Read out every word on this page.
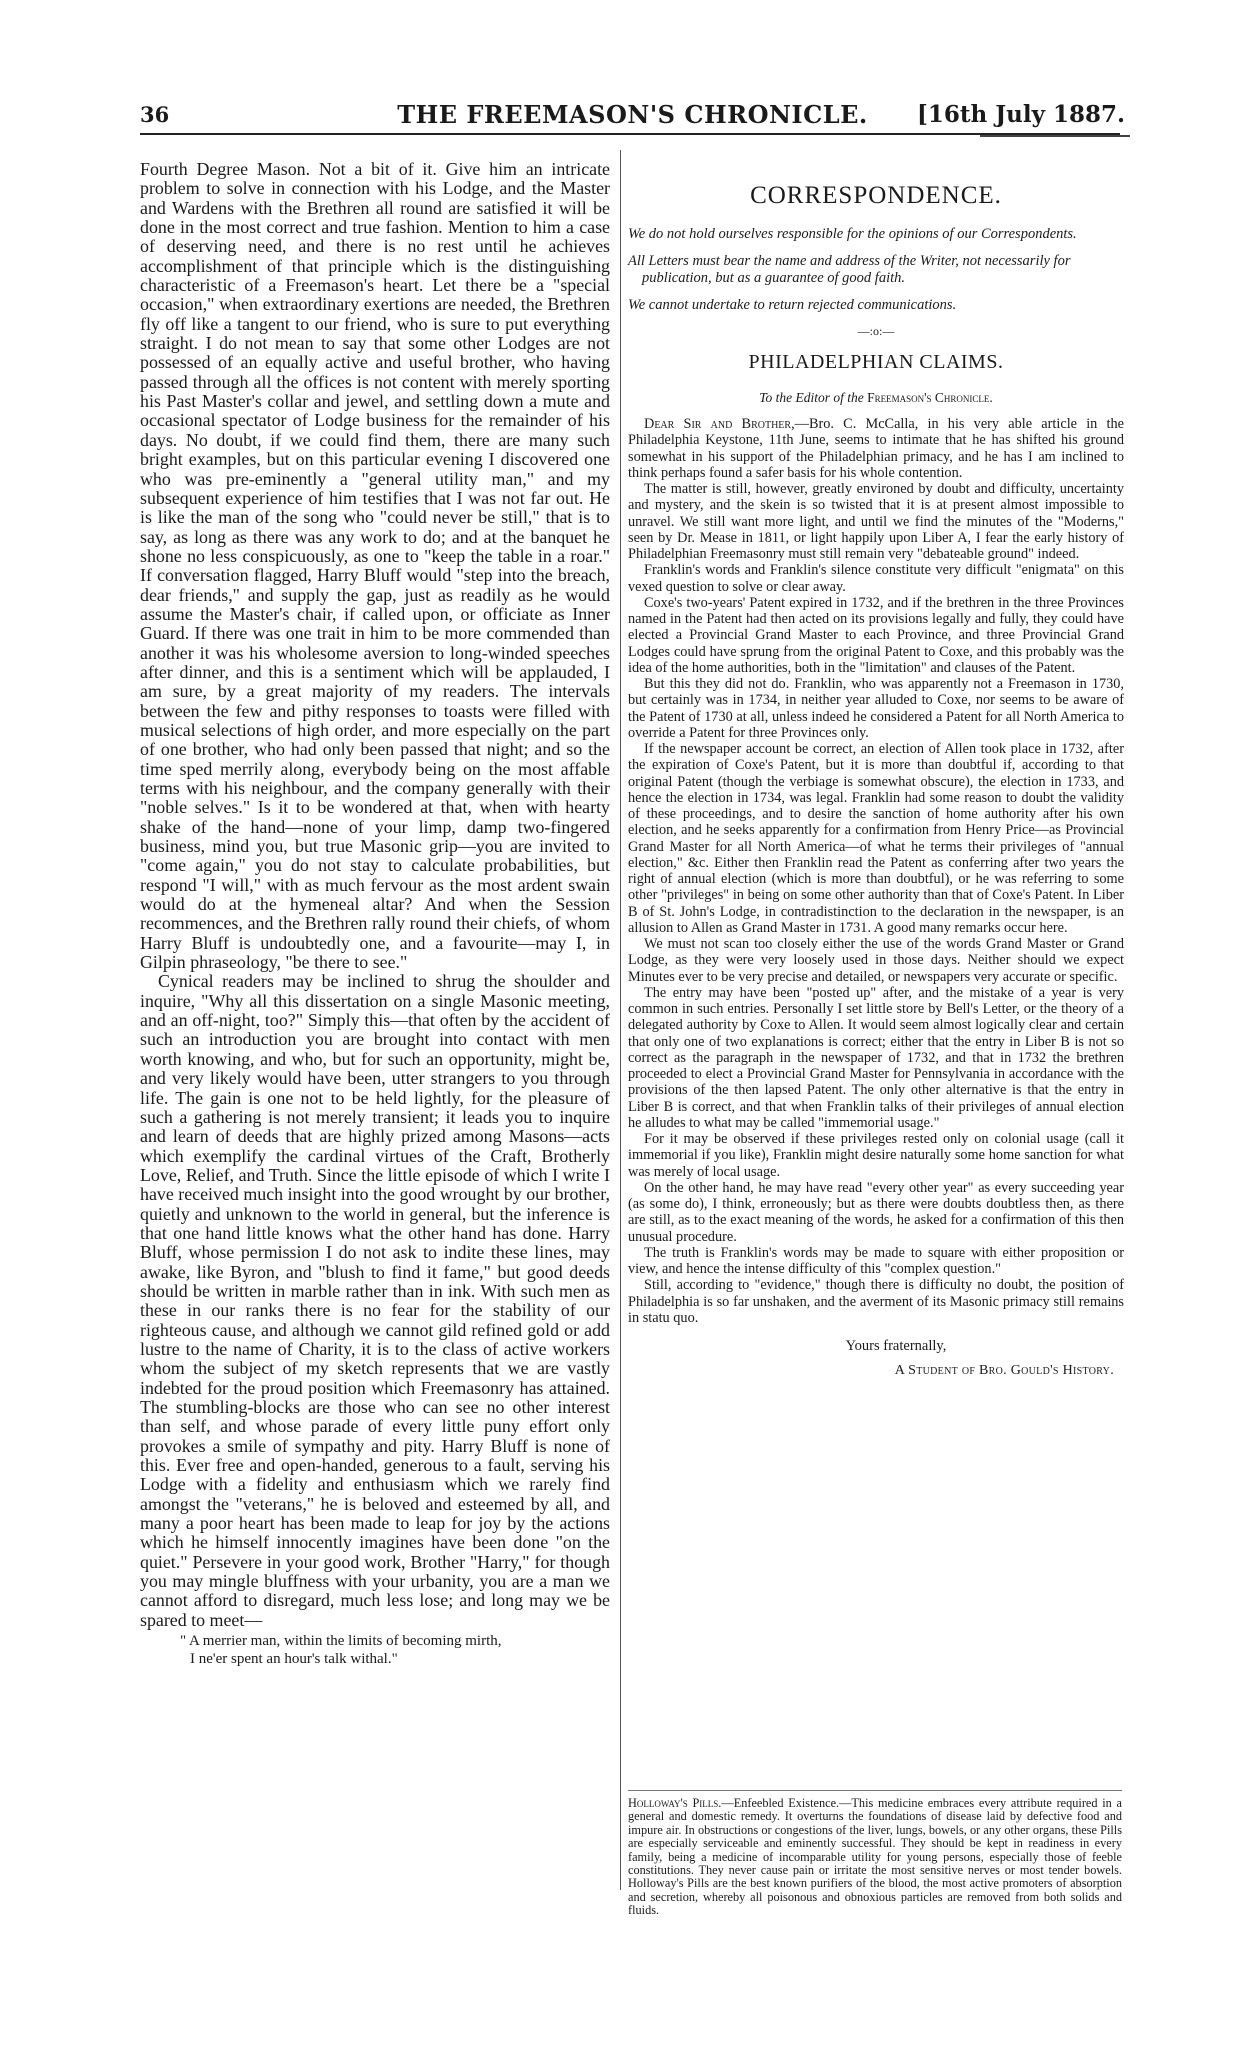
36	THE FREEMASON'S CHRONICLE.	[16th July 1887.

Fourth Degree Mason. Not a bit of it. Give him an intricate problem to solve in connection with his Lodge, and the Master and Wardens with the Brethren all round are satisfied it will be done in the most correct and true fashion. Mention to him a case of deserving need, and there is no rest until he achieves accomplishment of that principle which is the distinguishing characteristic of a Freemason's heart. Let there be a "special occasion," when extraordinary exertions are needed, the Brethren fly off like a tangent to our friend, who is sure to put everything straight. I do not mean to say that some other Lodges are not possessed of an equally active and useful brother, who having passed through all the offices is not content with merely sporting his Past Master's collar and jewel, and settling down a mute and occasional spectator of Lodge business for the remainder of his days. No doubt, if we could find them, there are many such bright examples, but on this particular evening I discovered one who was pre-eminently a "general utility man," and my subsequent experience of him testifies that I was not far out. He is like the man of the song who "could never be still," that is to say, as long as there was any work to do; and at the banquet he shone no less conspicuously, as one to "keep the table in a roar." If conversation flagged, Harry Bluff would "step into the breach, dear friends," and supply the gap, just as readily as he would assume the Master's chair, if called upon, or officiate as Inner Guard. If there was one trait in him to be more commended than another it was his wholesome aversion to long-winded speeches after dinner, and this is a sentiment which will be applauded, I am sure, by a great majority of my readers. The intervals between the few and pithy responses to toasts were filled with musical selections of high order, and more especially on the part of one brother, who had only been passed that night; and so the time sped merrily along, everybody being on the most affable terms with his neighbour, and the company generally with their "noble selves." Is it to be wondered at that, when with hearty shake of the hand—none of your limp, damp two-fingered business, mind you, but true Masonic grip—you are invited to "come again," you do not stay to calculate probabilities, but respond "I will," with as much fervour as the most ardent swain would do at the hymeneal altar? And when the Session recommences, and the Brethren rally round their chiefs, of whom Harry Bluff is undoubtedly one, and a favourite—may I, in Gilpin phraseology, "be there to see."

Cynical readers may be inclined to shrug the shoulder and inquire, "Why all this dissertation on a single Masonic meeting, and an off-night, too?" Simply this—that often by the accident of such an introduction you are brought into contact with men worth knowing, and who, but for such an opportunity, might be, and very likely would have been, utter strangers to you through life. The gain is one not to be held lightly, for the pleasure of such a gathering is not merely transient; it leads you to inquire and learn of deeds that are highly prized among Masons—acts which exemplify the cardinal virtues of the Craft, Brotherly Love, Relief, and Truth. Since the little episode of which I write I have received much insight into the good wrought by our brother, quietly and unknown to the world in general, but the inference is that one hand little knows what the other hand has done. Harry Bluff, whose permission I do not ask to indite these lines, may awake, like Byron, and "blush to find it fame," but good deeds should be written in marble rather than in ink. With such men as these in our ranks there is no fear for the stability of our righteous cause, and although we cannot gild refined gold or add lustre to the name of Charity, it is to the class of active workers whom the subject of my sketch represents that we are vastly indebted for the proud position which Freemasonry has attained. The stumbling-blocks are those who can see no other interest than self, and whose parade of every little puny effort only provokes a smile of sympathy and pity. Harry Bluff is none of this. Ever free and open-handed, generous to a fault, serving his Lodge with a fidelity and enthusiasm which we rarely find amongst the "veterans," he is beloved and esteemed by all, and many a poor heart has been made to leap for joy by the actions which he himself innocently imagines have been done "on the quiet." Persevere in your good work, Brother "Harry," for though you may mingle bluffness with your urbanity, you are a man we cannot afford to disregard, much less lose; and long may we be spared to meet—

" A merrier man, within the limits of becoming mirth,
I ne'er spent an hour's talk withal."
CORRESPONDENCE.
We do not hold ourselves responsible for the opinions of our Correspondents.
All Letters must bear the name and address of the Writer, not necessarily for publication, but as a guarantee of good faith.
We cannot undertake to return rejected communications.
—:o:—
PHILADELPHIAN CLAIMS.
To the Editor of the Freemason's Chronicle.

Dear Sir and Brother,—Bro. C. McCalla, in his very able article in the Philadelphia Keystone, 11th June, seems to intimate that he has shifted his ground somewhat in his support of the Philadelphian primacy, and he has I am inclined to think perhaps found a safer basis for his whole contention.

The matter is still, however, greatly environed by doubt and difficulty, uncertainty and mystery, and the skein is so twisted that it is at present almost impossible to unravel. We still want more light, and until we find the minutes of the "Moderns," seen by Dr. Mease in 1811, or light happily upon Liber A, I fear the early history of Philadelphian Freemasonry must still remain very "debateable ground" indeed.

Franklin's words and Franklin's silence constitute very difficult "enigmata" on this vexed question to solve or clear away.

Coxe's two-years' Patent expired in 1732, and if the brethren in the three Provinces named in the Patent had then acted on its provisions legally and fully, they could have elected a Provincial Grand Master to each Province, and three Provincial Grand Lodges could have sprung from the original Patent to Coxe, and this probably was the idea of the home authorities, both in the "limitation" and clauses of the Patent.

But this they did not do. Franklin, who was apparently not a Freemason in 1730, but certainly was in 1734, in neither year alluded to Coxe, nor seems to be aware of the Patent of 1730 at all, unless indeed he considered a Patent for all North America to override a Patent for three Provinces only.

If the newspaper account be correct, an election of Allen took place in 1732, after the expiration of Coxe's Patent, but it is more than doubtful if, according to that original Patent (though the verbiage is somewhat obscure), the election in 1733, and hence the election in 1734, was legal. Franklin had some reason to doubt the validity of these proceedings, and to desire the sanction of home authority after his own election, and he seeks apparently for a confirmation from Henry Price—as Provincial Grand Master for all North America—of what he terms their privileges of "annual election," &c. Either then Franklin read the Patent as conferring after two years the right of annual election (which is more than doubtful), or he was referring to some other "privileges" in being on some other authority than that of Coxe's Patent. In Liber B of St. John's Lodge, in contradistinction to the declaration in the newspaper, is an allusion to Allen as Grand Master in 1731. A good many remarks occur here.

We must not scan too closely either the use of the words Grand Master or Grand Lodge, as they were very loosely used in those days. Neither should we expect Minutes ever to be very precise and detailed, or newspapers very accurate or specific.

The entry may have been "posted up" after, and the mistake of a year is very common in such entries. Personally I set little store by Bell's Letter, or the theory of a delegated authority by Coxe to Allen. It would seem almost logically clear and certain that only one of two explanations is correct; either that the entry in Liber B is not so correct as the paragraph in the newspaper of 1732, and that in 1732 the brethren proceeded to elect a Provincial Grand Master for Pennsylvania in accordance with the provisions of the then lapsed Patent. The only other alternative is that the entry in Liber B is correct, and that when Franklin talks of their privileges of annual election he alludes to what may be called "immemorial usage."

For it may be observed if these privileges rested only on colonial usage (call it immemorial if you like), Franklin might desire naturally some home sanction for what was merely of local usage.

On the other hand, he may have read "every other year" as every succeeding year (as some do), I think, erroneously; but as there were doubts doubtless then, as there are still, as to the exact meaning of the words, he asked for a confirmation of this then unusual procedure.

The truth is Franklin's words may be made to square with either proposition or view, and hence the intense difficulty of this "complex question."

Still, according to "evidence," though there is difficulty no doubt, the position of Philadelphia is so far unshaken, and the averment of its Masonic primacy still remains in statu quo.

Yours fraternally,
A Student of Bro. Gould's History.
Holloway's Pills.—Enfeebled Existence.—This medicine embraces every attribute required in a general and domestic remedy. It overturns the foundations of disease laid by defective food and impure air. In obstructions or congestions of the liver, lungs, bowels, or any other organs, these Pills are especially serviceable and eminently successful. They should be kept in readiness in every family, being a medicine of incomparable utility for young persons, especially those of feeble constitutions. They never cause pain or irritate the most sensitive nerves or most tender bowels. Holloway's Pills are the best known purifiers of the blood, the most active promoters of absorption and secretion, whereby all poisonous and obnoxious particles are removed from both solids and fluids.
